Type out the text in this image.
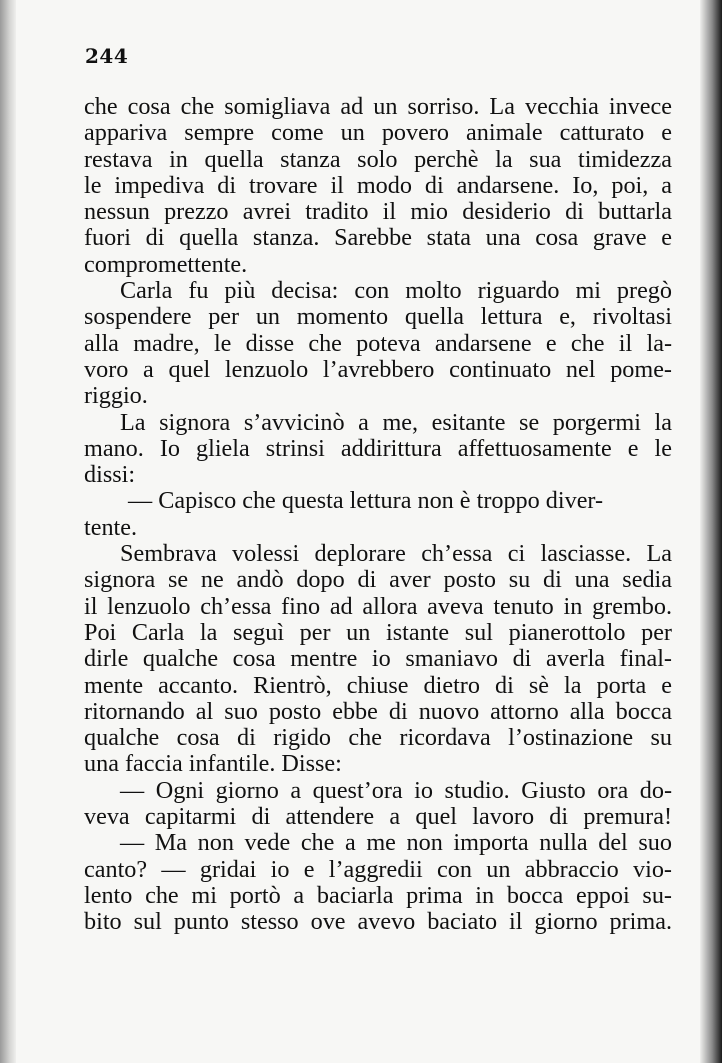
244
che cosa che somigliava ad un sorriso. La vecchia invece
appariva sempre come un povero animale catturato e
restava in quella stanza solo perchè la sua timidezza
le impediva di trovare il modo di andarsene. Io, poi, a
nessun prezzo avrei tradito il mio desiderio di buttarla
fuori di quella stanza. Sarebbe stata una cosa grave e
compromettente.
Carla fu più decisa: con molto riguardo mi pregò
sospendere per un momento quella lettura e, rivoltasi
alla madre, le disse che poteva andarsene e che il la-
voro a quel lenzuolo l’avrebbero continuato nel pome-
riggio.
La signora s’avvicinò a me, esitante se porgermi la
mano. Io gliela strinsi addirittura affettuosamente e le
dissi:
— Capisco che questa lettura non è troppo diver-
tente.
Sembrava volessi deplorare ch’essa ci lasciasse. La
signora se ne andò dopo di aver posto su di una sedia
il lenzuolo ch’essa fino ad allora aveva tenuto in grembo.
Poi Carla la seguì per un istante sul pianerottolo per
dirle qualche cosa mentre io smaniavo di averla final-
mente accanto. Rientrò, chiuse dietro di sè la porta e
ritornando al suo posto ebbe di nuovo attorno alla bocca
qualche cosa di rigido che ricordava l’ostinazione su
una faccia infantile. Disse:
— Ogni giorno a quest’ora io studio. Giusto ora do-
veva capitarmi di attendere a quel lavoro di premura!
— Ma non vede che a me non importa nulla del suo
canto? — gridai io e l’aggredii con un abbraccio vio-
lento che mi portò a baciarla prima in bocca eppoi su-
bito sul punto stesso ove avevo baciato il giorno prima.
